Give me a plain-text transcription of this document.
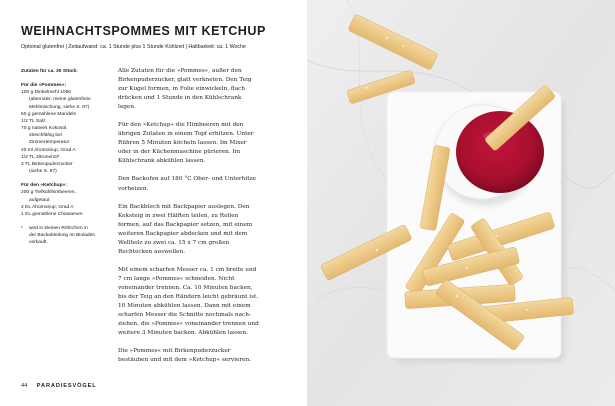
WEIHNACHTSPOMMES MIT KETCHUP
Optional glutenfrei | Zeitaufwand: ca. 1 Stunde plus 1 Stunde Kühlzeit | Haltbarkeit: ca. 1 Woche
Zutaten für ca. 30 Stück:
Für die »Pommes«:
100 g Dinkelmehl 1050
(alternativ: meine glutenfreie
Mehlmischung, siehe S. 87)
50 g gemahlene Mandeln
1/2 TL Salz
70 g natives Kokosöl,
streichfähig bei
Zimmertemperatur
40 ml Ahornsirup, Grad A
1/2 TL Zitronenöl*
2 TL Birkenpuderzucker
(siehe S. 87)
Für den »Ketchup«:
200 g Tiefkühlhimbeeren,
aufgetaut
2 EL Ahornsirup, Grad A
1 EL gemahlene Chiasamen
*	wird in kleinen Röhrchen in
der Backabteilung im Bioladen
verkauft.

Alle Zutaten für die »Pommes«, außer den
Birkenpuderzucker, glatt verkneten. Den Teig
zur Kugel formen, in Folie einwickeln, flach
drücken und 1 Stunde in den Kühlschrank
legen.

Für den »Ketchup« die Himbeeren mit den
übrigen Zutaten in einem Topf erhitzen. Unter
Rühren 5 Minuten köcheln lassen. Im Mixer
oder in der Küchenmaschine pürieren. Im
Kühlschrank abkühlen lassen.

Den Backofen auf 180 °C Ober- und Unterhitze
vorheizen.

Ein Backblech mit Backpapier auslegen. Den
Keksteig in zwei Hälften teilen, zu Rollen
formen, auf das Backpapier setzen, mit einem
weiteren Backpapier abdecken und mit dem
Wellholz zu zwei ca. 15 x 7 cm großen
Rechtecken auswellen.

Mit einem scharfen Messer ca. 1 cm breite und
7 cm lange »Pommes« schneiden. Nicht
voneinander trennen. Ca. 10 Minuten backen,
bis der Teig an den Rändern leicht gebräunt ist.
10 Minuten abkühlen lassen. Dann mit einem
scharfen Messer die Schnitte nochmals nach-
ziehen, die »Pommes« voneinander trennen und
weitere 3 Minuten backen. Abkühlen lassen.

Die »Pommes« mit Birkenpuderzucker
bestäuben und mit dem »Ketchup« servieren.

44 PARADIESVÖGEL
